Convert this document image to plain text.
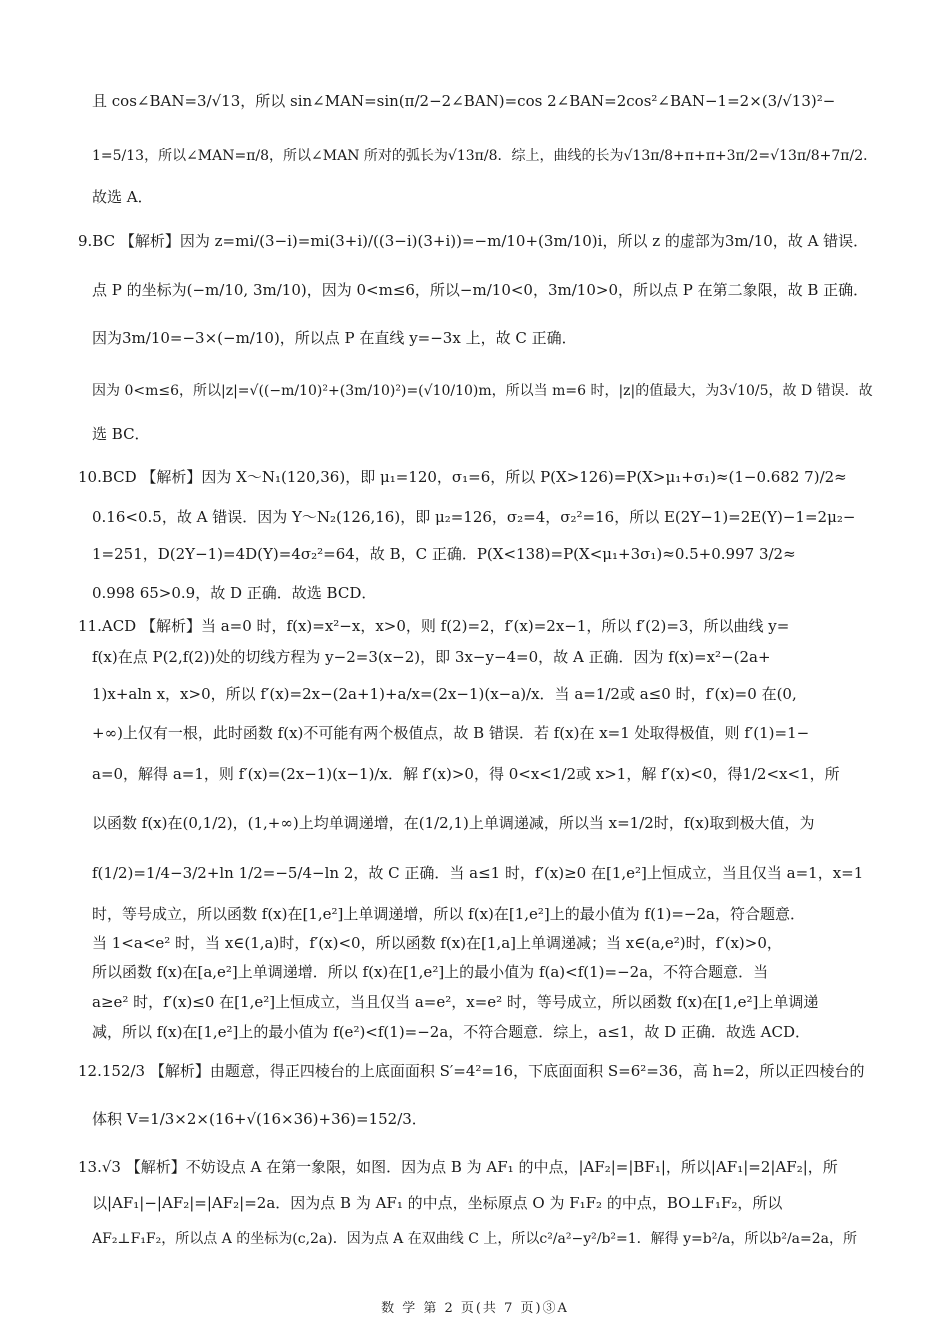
且 cos∠BAN=3/√13，所以 sin∠MAN=sin(π/2−2∠BAN)=cos 2∠BAN=2cos²∠BAN−1=2×(3/√13)²−
1=5/13，所以∠MAN=π/8，所以∠MAN 所对的弧长为√13π/8．综上，曲线的长为√13π/8+π+π+3π/2=√13π/8+7π/2．
故选 A．
9.BC 【解析】因为 z=mi/(3−i)=mi(3+i)/((3−i)(3+i))=−m/10+(3m/10)i，所以 z 的虚部为3m/10，故 A 错误．
点 P 的坐标为(−m/10, 3m/10)，因为 0<m≤6，所以−m/10<0，3m/10>0，所以点 P 在第二象限，故 B 正确．
因为3m/10=−3×(−m/10)，所以点 P 在直线 y=−3x 上，故 C 正确．
因为 0<m≤6，所以|z|=√((−m/10)²+(3m/10)²)=(√10/10)m，所以当 m=6 时，|z|的值最大，为3√10/5，故 D 错误．故
选 BC．
10.BCD 【解析】因为 X～N₁(120,36)，即 μ₁=120，σ₁=6，所以 P(X>126)=P(X>μ₁+σ₁)≈(1−0.682 7)/2≈
0.16<0.5，故 A 错误．因为 Y～N₂(126,16)，即 μ₂=126，σ₂=4，σ₂²=16，所以 E(2Y−1)=2E(Y)−1=2μ₂−
1=251，D(2Y−1)=4D(Y)=4σ₂²=64，故 B，C 正确．P(X<138)=P(X<μ₁+3σ₁)≈0.5+0.997 3/2≈
0.998 65>0.9，故 D 正确．故选 BCD．
11.ACD 【解析】当 a=0 时，f(x)=x²−x，x>0，则 f(2)=2，f′(x)=2x−1，所以 f′(2)=3，所以曲线 y=
f(x)在点 P(2,f(2))处的切线方程为 y−2=3(x−2)，即 3x−y−4=0，故 A 正确．因为 f(x)=x²−(2a+
1)x+aln x，x>0，所以 f′(x)=2x−(2a+1)+a/x=(2x−1)(x−a)/x．当 a=1/2或 a≤0 时，f′(x)=0 在(0,
+∞)上仅有一根，此时函数 f(x)不可能有两个极值点，故 B 错误．若 f(x)在 x=1 处取得极值，则 f′(1)=1−
a=0，解得 a=1，则 f′(x)=(2x−1)(x−1)/x．解 f′(x)>0，得 0<x<1/2或 x>1，解 f′(x)<0，得1/2<x<1，所
以函数 f(x)在(0,1/2)，(1,+∞)上均单调递增，在(1/2,1)上单调递减，所以当 x=1/2时，f(x)取到极大值，为
f(1/2)=1/4−3/2+ln 1/2=−5/4−ln 2，故 C 正确．当 a≤1 时，f′(x)≥0 在[1,e²]上恒成立，当且仅当 a=1，x=1
时，等号成立，所以函数 f(x)在[1,e²]上单调递增，所以 f(x)在[1,e²]上的最小值为 f(1)=−2a，符合题意．
当 1<a<e² 时，当 x∈(1,a)时，f′(x)<0，所以函数 f(x)在[1,a]上单调递减；当 x∈(a,e²)时，f′(x)>0，
所以函数 f(x)在[a,e²]上单调递增．所以 f(x)在[1,e²]上的最小值为 f(a)<f(1)=−2a，不符合题意．当
a≥e² 时，f′(x)≤0 在[1,e²]上恒成立，当且仅当 a=e²，x=e² 时，等号成立，所以函数 f(x)在[1,e²]上单调递
减，所以 f(x)在[1,e²]上的最小值为 f(e²)<f(1)=−2a，不符合题意．综上，a≤1，故 D 正确．故选 ACD．
12.152/3 【解析】由题意，得正四棱台的上底面面积 S′=4²=16，下底面面积 S=6²=36，高 h=2，所以正四棱台的
体积 V=1/3×2×(16+√(16×36)+36)=152/3．
13.√3 【解析】不妨设点 A 在第一象限，如图．因为点 B 为 AF₁ 的中点，|AF₂|=|BF₁|，所以|AF₁|=2|AF₂|，所
以|AF₁|−|AF₂|=|AF₂|=2a．因为点 B 为 AF₁ 的中点，坐标原点 O 为 F₁F₂ 的中点，BO⊥F₁F₂，所以
AF₂⊥F₁F₂，所以点 A 的坐标为(c,2a)．因为点 A 在双曲线 C 上，所以c²/a²−y²/b²=1．解得 y=b²/a，所以b²/a=2a，所
数 学 第 2 页(共 7 页)③A
